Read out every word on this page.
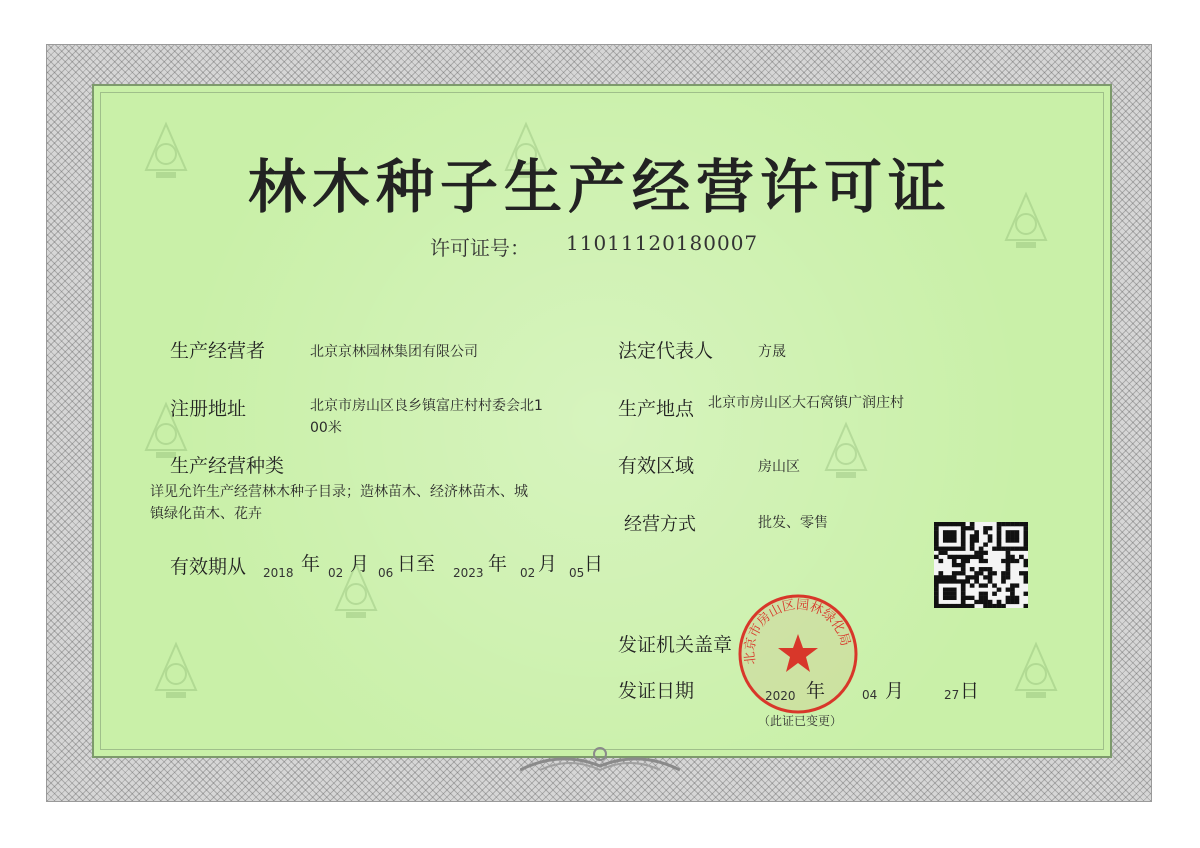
林木种子生产经营许可证
许可证号： 11011120180007
生产经营者	北京京林园林集团有限公司
注册地址	北京市房山区良乡镇富庄村村委会北1
00米
生产经营种类
详见允许生产经营林木种子目录；造林苗木、经济林苗木、城
镇绿化苗木、花卉
有效期从 2018 年 02 月 06 日至 2023 年 02 月 05 日
法定代表人	方晟
生产地点 北京市房山区大石窝镇广润庄村
有效区域	房山区
经营方式	批发、零售
发证机关盖章
北京市房山区园林绿化局
发证日期	2020 年	04 月	27 日
（此证已变更）
